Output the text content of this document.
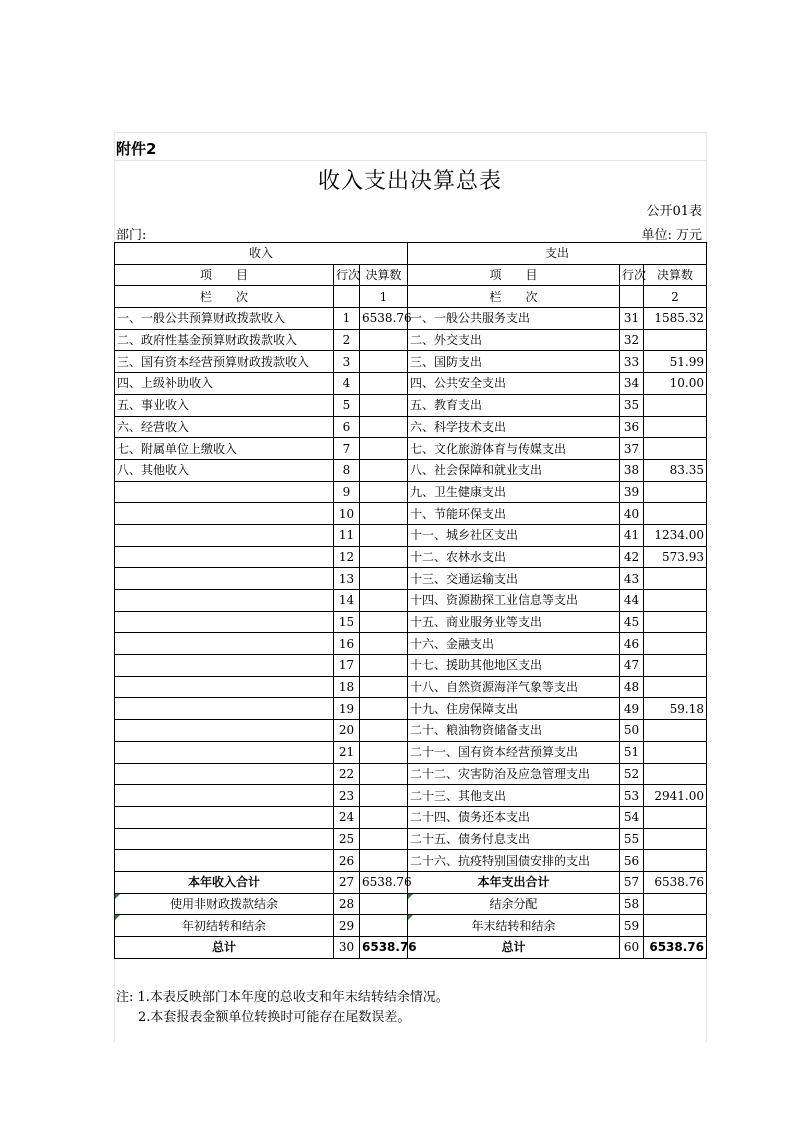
附件2
收入支出决算总表
公开01表
部门:	单位: 万元
收入			支出		
项　　目	行次	决算数	项　　目	行次	决算数
栏　　次		1	栏　　次		2
一、一般公共预算财政拨款收入	1	6538.76	一、一般公共服务支出	31	1585.32
二、政府性基金预算财政拨款收入	2		二、外交支出	32	
三、国有资本经营预算财政拨款收入	3		三、国防支出	33	51.99
四、上级补助收入	4		四、公共安全支出	34	10.00
五、事业收入	5		五、教育支出	35	
六、经营收入	6		六、科学技术支出	36	
七、附属单位上缴收入	7		七、文化旅游体育与传媒支出	37	
八、其他收入	8		八、社会保障和就业支出	38	83.35
	9		九、卫生健康支出	39	
	10		十、节能环保支出	40	
	11		十一、城乡社区支出	41	1234.00
	12		十二、农林水支出	42	573.93
	13		十三、交通运输支出	43	
	14		十四、资源勘探工业信息等支出	44	
	15		十五、商业服务业等支出	45	
	16		十六、金融支出	46	
	17		十七、援助其他地区支出	47	
	18		十八、自然资源海洋气象等支出	48	
	19		十九、住房保障支出	49	59.18
	20		二十、粮油物资储备支出	50	
	21		二十一、国有资本经营预算支出	51	
	22		二十二、灾害防治及应急管理支出	52	
	23		二十三、其他支出	53	2941.00
	24		二十四、债务还本支出	54	
	25		二十五、债务付息支出	55	
	26		二十六、抗疫特别国债安排的支出	56	
本年收入合计	27	6538.76	本年支出合计	57	6538.76
使用非财政拨款结余	28		结余分配	58	
年初结转和结余	29		年末结转和结余	59	
总计	30	6538.76	总计	60	6538.76
注: 1.本表反映部门本年度的总收支和年末结转结余情况。
2.本套报表金额单位转换时可能存在尾数误差。
